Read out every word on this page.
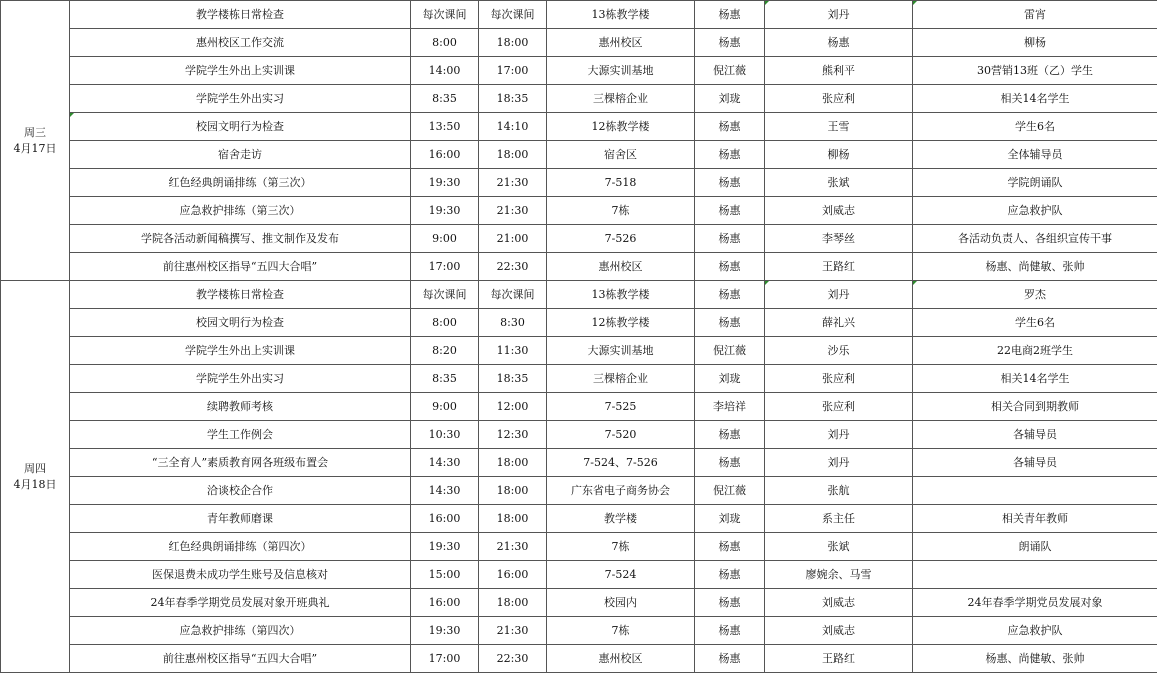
周三
4月17日	教学楼栋日常检查	每次课间	每次课间	13栋教学楼	杨惠	刘丹	雷宵
	惠州校区工作交流	8:00	18:00	惠州校区	杨惠	杨惠	柳杨
	学院学生外出上实训课	14:00	17:00	大源实训基地	倪江薇	熊利平	30营销13班（乙）学生
	学院学生外出实习	8:35	18:35	三棵榕企业	刘珑	张应利	相关14名学生
	校园文明行为检查	13:50	14:10	12栋教学楼	杨惠	王雪	学生6名
	宿舍走访	16:00	18:00	宿舍区	杨惠	柳杨	全体辅导员
	红色经典朗诵排练（第三次）	19:30	21:30	7-518	杨惠	张斌	学院朗诵队
	应急救护排练（第三次）	19:30	21:30	7栋	杨惠	刘威志	应急救护队
	学院各活动新闻稿撰写、推文制作及发布	9:00	21:00	7-526	杨惠	李琴丝	各活动负责人、各组织宣传干事
	前往惠州校区指导“五四大合唱”	17:00	22:30	惠州校区	杨惠	王路红	杨惠、尚健敏、张帅

周四
4月18日	教学楼栋日常检查	每次课间	每次课间	13栋教学楼	杨惠	刘丹	罗杰
	校园文明行为检查	8:00	8:30	12栋教学楼	杨惠	薛礼兴	学生6名
	学院学生外出上实训课	8:20	11:30	大源实训基地	倪江薇	沙乐	22电商2班学生
	学院学生外出实习	8:35	18:35	三棵榕企业	刘珑	张应利	相关14名学生
	续聘教师考核	9:00	12:00	7-525	李培祥	张应利	相关合同到期教师
	学生工作例会	10:30	12:30	7-520	杨惠	刘丹	各辅导员
	“三全育人”素质教育网各班级布置会	14:30	18:00	7-524、7-526	杨惠	刘丹	各辅导员
	洽谈校企合作	14:30	18:00	广东省电子商务协会	倪江薇	张航	
	青年教师磨课	16:00	18:00	教学楼	刘珑	系主任	相关青年教师
	红色经典朗诵排练（第四次）	19:30	21:30	7栋	杨惠	张斌	朗诵队
	医保退费未成功学生账号及信息核对	15:00	16:00	7-524	杨惠	廖婉余、马雪	
	24年春季学期党员发展对象开班典礼	16:00	18:00	校园内	杨惠	刘威志	24年春季学期党员发展对象
	应急救护排练（第四次）	19:30	21:30	7栋	杨惠	刘威志	应急救护队
	前往惠州校区指导“五四大合唱”	17:00	22:30	惠州校区	杨惠	王路红	杨惠、尚健敏、张帅
